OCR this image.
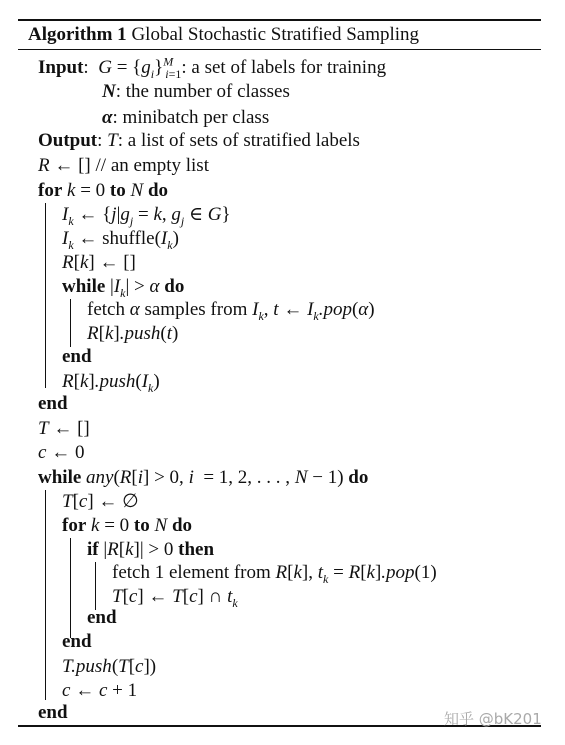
Algorithm 1 Global Stochastic Stratified Sampling
Input:  $G = \{g_i\}^M_{i=1}$: a set of labels for training
N: the number of classes
α: minibatch per class
Output: T: a list of sets of stratified labels
R ← [] // an empty list
for k = 0 to N do
$I_k$ ← {$j|g_j = k$, $g_j$ ∈ G}
$I_k$ ← $shuffle(I_k)$
R[k] ← []
while $|I_k| > \alpha$ do
fetch α samples from $I_k$, t ← $I_k.pop(\alpha)$
R[k].push(t)
end
$R[k].push(I_k)$
end
T ← []
c ← 0
while any(R[i] > 0, i  = 1, 2, . . . , N − 1) do
T[c] ← ∅
for k = 0 to N do
if |R[k]| > 0 then
fetch 1 element from R[k], $t_k = R[k].pop(1)$
T[c] ← T[c] ∩ $t_k$
end
end
T.push(T[c])
c ← c + 1
end	知乎 @bK201
